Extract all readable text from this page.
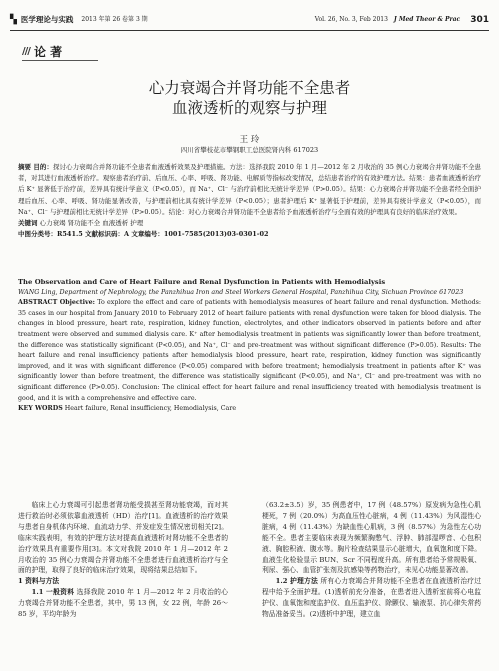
▚ 医学理论与实践 2013 年第 26 卷第 3 期	Vol. 26, No. 3, Feb 2013 J Med Theor & Prac 301
/// 论 著
心力衰竭合并肾功能不全患者
血液透析的观察与护理
王 玲
四川省攀枝花市攀钢职工总医院肾内科 617023

摘要 目的：探讨心力衰竭合并肾功能不全患者血液透析效果及护理措施。方法：选择我院 2010 年 1 月—2012 年 2 月收治的 35 例心力衰竭合并肾功能不全患者，对其进行血液透析治疗。观察患者治疗前、后血压、心率、呼吸、肾功能、电解质等指标改变情况，总结患者治疗的有效护理方法。结果：患者血液透析治疗后 K⁺ 显著低于治疗前，差异具有统计学意义（P<0.05），而 Na⁺、Cl⁻ 与治疗前相比无统计学差异（P>0.05）。结果：心力衰竭合并肾功能不全患者经全面护理后血压、心率、呼吸、肾功能显著改善，与护理前相比具有统计学差异（P<0.05）；患者护理后 K⁺ 显著低于护理前，差异具有统计学意义（P<0.05），而 Na⁺、Cl⁻ 与护理前相比无统计学差异（P>0.05）。结论：对心力衰竭合并肾功能不全患者给予血液透析治疗与全面有效的护理具有良好的临床治疗效果。

关键词 心力衰竭 肾功能不全 血液透析 护理

中图分类号：R541.5 文献标识码：A 文章编号：1001-7585(2013)03-0301-02

The Observation and Care of Heart Failure and Renal Dysfunction in Patients with Hemodialysis

WANG Ling, Department of Nephrology, the Panzhihua Iron and Steel Workers General Hospital, Panzhihua City, Sichuan Province 617023

ABSTRACT Objective: To explore the effect and care of patients with hemodialysis measures of heart failure and renal dysfunction. Methods: 35 cases in our hospital from January 2010 to February 2012 of heart failure patients with renal dysfunction were taken for blood dialysis. The changes in blood pressure, heart rate, respiration, kidney function, electrolytes, and other indicators observed in patients before and after treatment were observed and summed dialysis care. K⁺ after hemodialysis treatment in patients was significantly lower than before treatment, the difference was statistically significant (P<0.05), and Na⁺, Cl⁻ and pre-treatment was without significant difference (P>0.05). Results: The heart failure and renal insufficiency patients after hemodialysis blood pressure, heart rate, respiration, kidney function was significantly improved, and it was with significant difference (P<0.05) compared with before treatment; hemodialysis treatment in patients after K⁺ was significantly lower than before treatment, the difference was statistically significant (P<0.05), and Na⁺, Cl⁻ and pre-treatment was with no significant difference (P>0.05). Conclusion: The clinical effect for heart failure and renal insufficiency treated with hemodialysis treatment is good, and it is with a comprehensive and effective care.

KEY WORDS Heart failure, Renal insufficiency, Hemodialysis, Care

临床上心力衰竭可引起患者肾功能受损甚至肾功能衰竭，而对其进行救治时必须依靠血液透析（HD）治疗[1]。血液透析的治疗效果与患者自身机体内环境、血流动力学、并发症发生情况密切相关[2]。临床实践表明，有效的护理方法对提高血液透析对肾功能不全患者的治疗效果具有重要作用[3]。本文对我院 2010 年 1 月—2012 年 2 月收治的 35 例心力衰竭合并肾功能不全患者进行血液透析治疗与全面的护理，取得了良好的临床治疗效果，现将结果总结如下。

1 资料与方法

1.1 一般资料 选择我院 2010 年 1 月—2012 年 2 月收治的心力衰竭合并肾功能不全患者，其中，男 13 例，女 22 例，年龄 26～85 岁，平均年龄为

（63.2±3.5）岁，35 例患者中，17 例（48.57%）原发病为急性心肌梗死，7 例（20.0%）为高血压性心脏病，4 例（11.43%）为风湿性心脏病，4 例（11.43%）为缺血性心肌病，3 例（8.57%）为急性左心功能不全。患者主要临床表现为频繁胸憋气、浮肿、肺部湿啰音、心包积液、胸腔积液、腹水等。胸片检查结果显示心脏增大，血氧饱和度下降。血液生化检验显示 BUN、Scr 不同程度升高。所有患者给予常规吸氧、利尿、强心、血管扩张剂及抗感染等药物治疗，未见心功能显著改善。

1.2 护理方法 所有心力衰竭合并肾功能不全患者在血液透析治疗过程中给予全面护理。(1)透析前充分准备，在患者进入透析室前将心电监护仪、血氧饱和度监护仪、血压监护仪、除颤仪、输液泵、抗心律失常药物品准备妥当。(2)透析中护理，建立血
